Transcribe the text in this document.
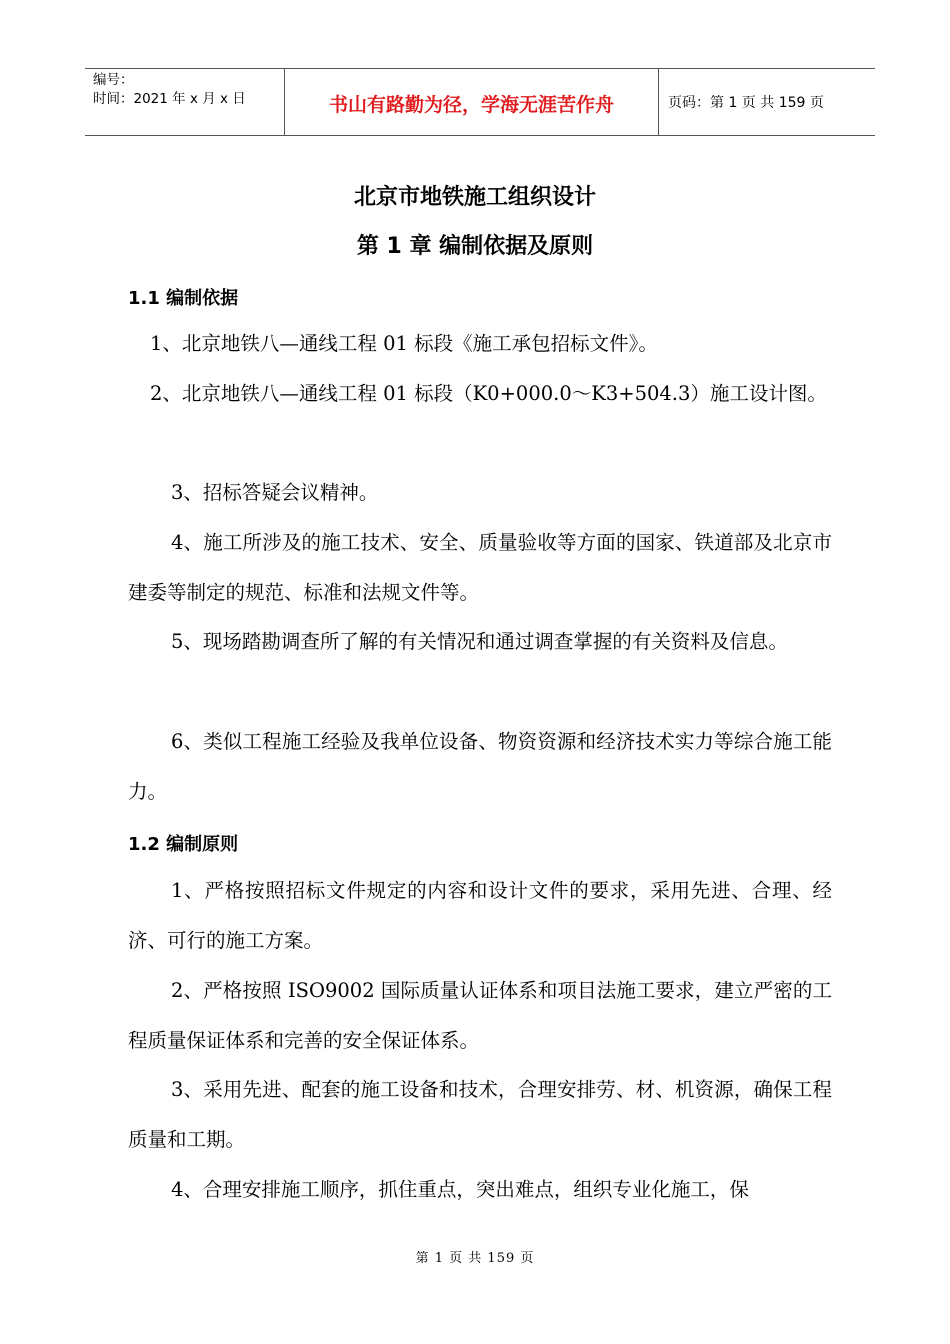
编号：
时间：2021 年 x 月 x 日	书山有路勤为径，学海无涯苦作舟	页码：第 1 页 共 159 页
北京市地铁施工组织设计
第 1 章 编制依据及原则
1.1 编制依据

1、北京地铁八—通线工程 01 标段《施工承包招标文件》。

2、北京地铁八—通线工程 01 标段（K0+000.0～K3+504.3）施工设计图。

3、招标答疑会议精神。

4、施工所涉及的施工技术、安全、质量验收等方面的国家、铁道部及北京市建委等制定的规范、标准和法规文件等。

5、现场踏勘调查所了解的有关情况和通过调查掌握的有关资料及信息。

6、类似工程施工经验及我单位设备、物资资源和经济技术实力等综合施工能力。

1.2 编制原则

1、严格按照招标文件规定的内容和设计文件的要求，采用先进、合理、经济、可行的施工方案。

2、严格按照 ISO9002 国际质量认证体系和项目法施工要求，建立严密的工程质量保证体系和完善的安全保证体系。

3、采用先进、配套的施工设备和技术，合理安排劳、材、机资源，确保工程质量和工期。

4、合理安排施工顺序，抓住重点，突出难点，组织专业化施工，保

第 1 页 共 159 页
